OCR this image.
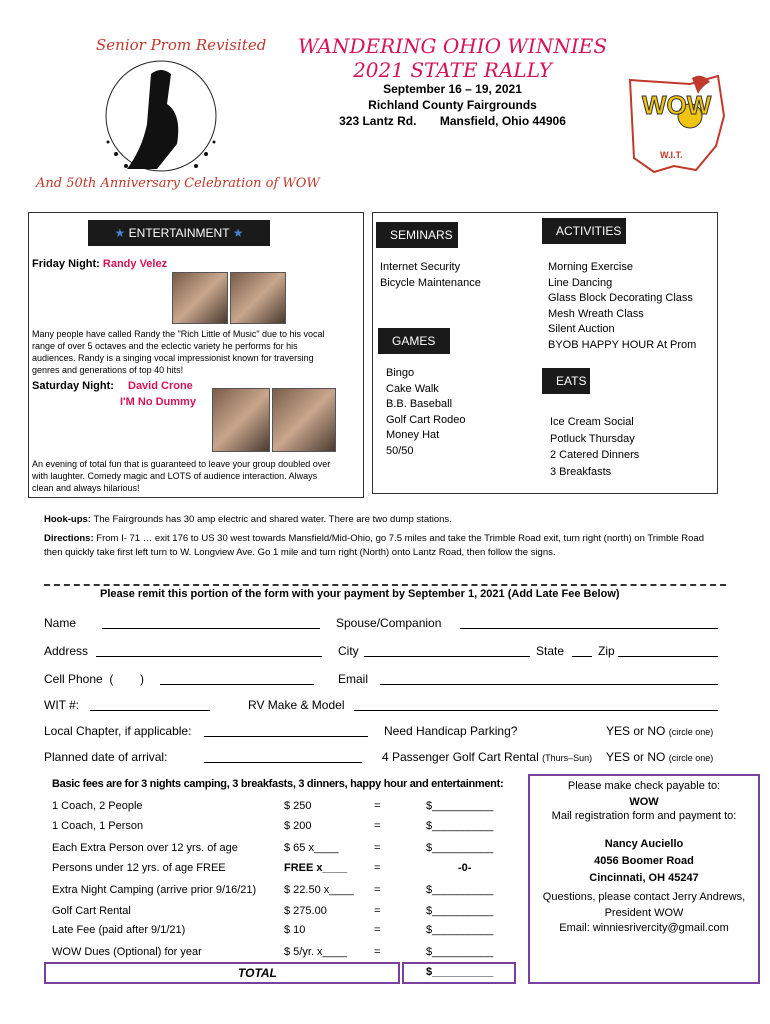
Senior Prom Revisited
And 50th Anniversary Celebration of WOW
WANDERING OHIO WINNIES
2021 STATE RALLY
September 16 – 19, 2021
Richland County Fairgrounds
323 Lantz Rd. Mansfield, Ohio 44906
WOW
W.I.T.
★ ENTERTAINMENT ★
Friday Night: Randy Velez
Many people have called Randy the "Rich Little of Music" due to his vocal range of over 5 octaves and the eclectic variety he performs for his audiences. Randy is a singing vocal impressionist known for traversing genres and generations of top 40 hits!
Saturday Night: David Crone
I'M No Dummy
An evening of total fun that is guaranteed to leave your group doubled over with laughter. Comedy magic and LOTS of audience interaction. Always clean and always hilarious!
SEMINARS	ACTIVITIES
Internet Security
Bicycle Maintenance
Morning Exercise
Line Dancing
Glass Block Decorating Class
Mesh Wreath Class
Silent Auction
BYOB HAPPY HOUR At Prom
GAMES
Bingo
Cake Walk
B.B. Baseball
Golf Cart Rodeo
Money Hat
50/50
EATS
Ice Cream Social
Potluck Thursday
2 Catered Dinners
3 Breakfasts
Hook-ups: The Fairgrounds has 30 amp electric and shared water. There are two dump stations.
Directions: From I- 71 … exit 176 to US 30 west towards Mansfield/Mid-Ohio, go 7.5 miles and take the Trimble Road exit, turn right (north) on Trimble Road then quickly take first left turn to W. Longview Ave. Go 1 mile and turn right (North) onto Lantz Road, then follow the signs.
Please remit this portion of the form with your payment by September 1, 2021 (Add Late Fee Below)
Name	Spouse/Companion
Address	City	State	Zip
Cell Phone  (        )	Email
WIT #:	RV Make & Model
Local Chapter, if applicable:	Need Handicap Parking?	YES or NO (circle one)
Planned date of arrival:	4 Passenger Golf Cart Rental (Thurs–Sun) YES or NO (circle one)
Basic fees are for 3 nights camping, 3 breakfasts, 3 dinners, happy hour and entertainment:
1 Coach, 2 People	$ 250	=	$__________
1 Coach, 1 Person	$ 200	=	$__________
Each Extra Person over 12 yrs. of age	$ 65 x____	=	$__________
Persons under 12 yrs. of age FREE	FREE x____ =	-0-
Extra Night Camping (arrive prior 9/16/21)	$ 22.50 x____ =	$__________
Golf Cart Rental	$ 275.00	=	$__________
Late Fee (paid after 9/1/21)	$ 10	=	$__________
WOW Dues (Optional) for year	$ 5/yr. x____ =	$__________
TOTAL	$__________
Please make check payable to:
WOW
Mail registration form and payment to:
Nancy Auciello
4056 Boomer Road
Cincinnati, OH 45247
Questions, please contact Jerry Andrews, President WOW
Email: winniesrivercity@gmail.com
